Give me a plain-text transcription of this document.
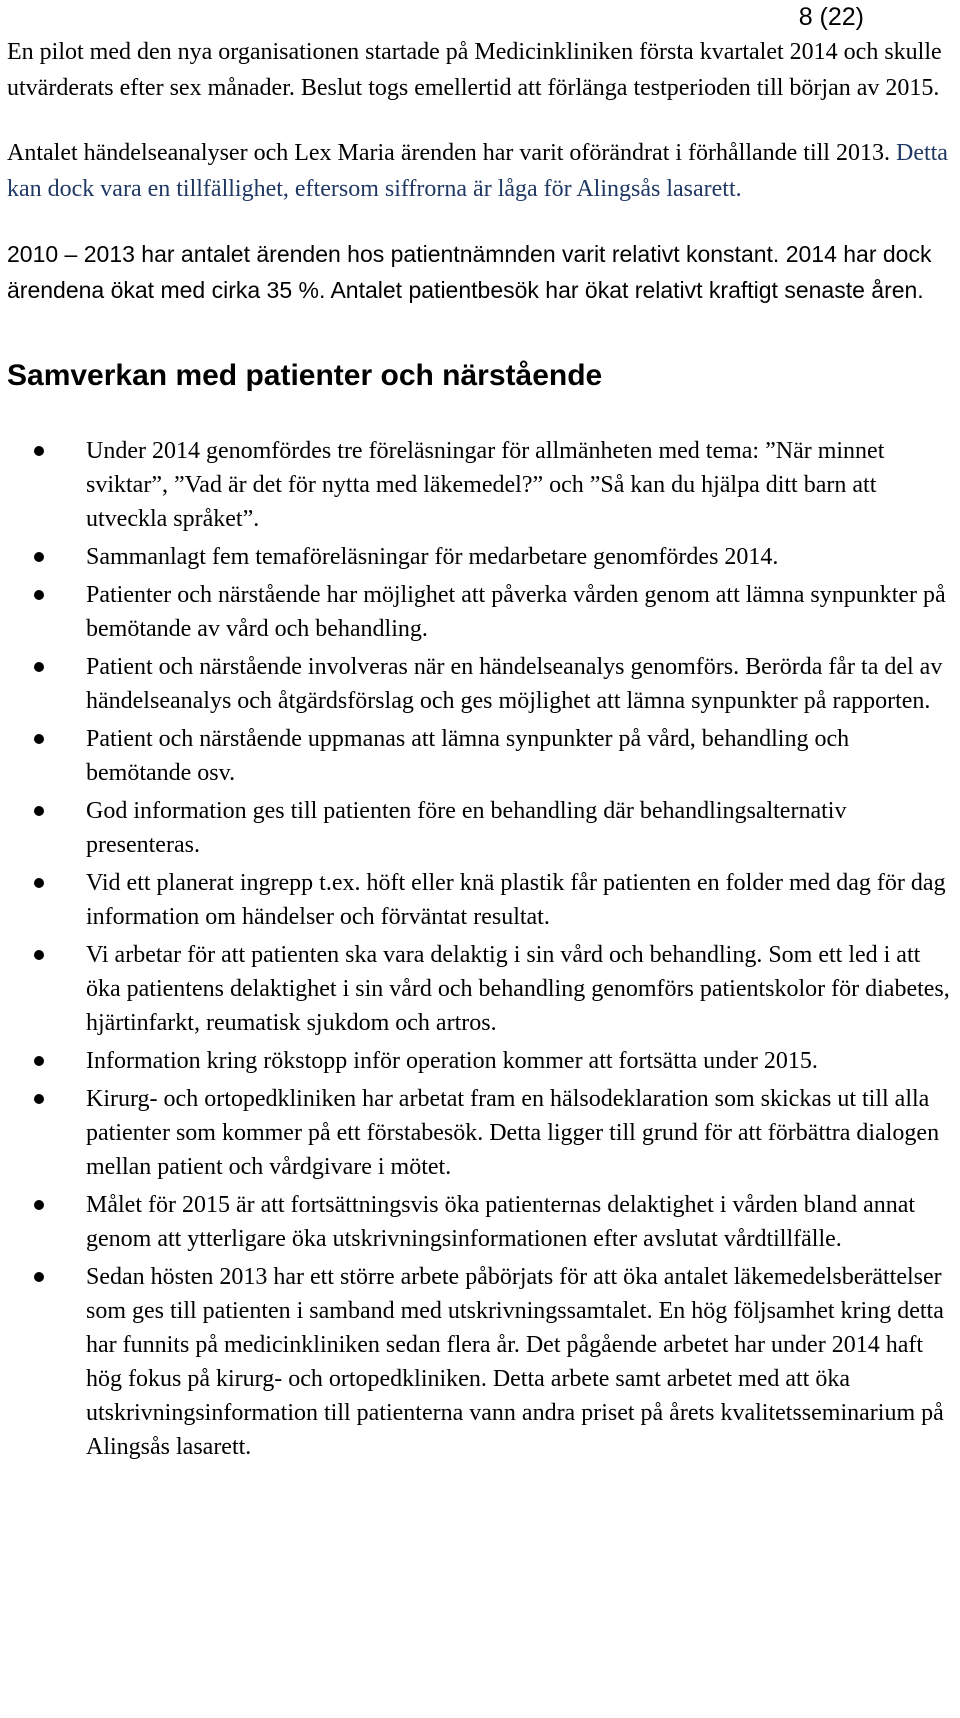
8 (22)

En pilot med den nya organisationen startade på Medicinkliniken första kvartalet 2014 och skulle utvärderats efter sex månader. Beslut togs emellertid att förlänga testperioden till början av 2015.

Antalet händelseanalyser och Lex Maria ärenden har varit oförändrat i förhållande till 2013. Detta kan dock vara en tillfällighet, eftersom siffrorna är låga för Alingsås lasarett.

2010 – 2013 har antalet ärenden hos patientnämnden varit relativt konstant. 2014 har dock ärendena ökat med cirka 35 %. Antalet patientbesök har ökat relativt kraftigt senaste åren.

Samverkan med patienter och närstående
Under 2014 genomfördes tre föreläsningar för allmänheten med tema: ”När minnet sviktar”, ”Vad är det för nytta med läkemedel?” och ”Så kan du hjälpa ditt barn att utveckla språket”.
Sammanlagt fem temaföreläsningar för medarbetare genomfördes 2014.
Patienter och närstående har möjlighet att påverka vården genom att lämna synpunkter på bemötande av vård och behandling.
Patient och närstående involveras när en händelseanalys genomförs. Berörda får ta del av händelseanalys och åtgärdsförslag och ges möjlighet att lämna synpunkter på rapporten.
Patient och närstående uppmanas att lämna synpunkter på vård, behandling och bemötande osv.
God information ges till patienten före en behandling där behandlingsalternativ presenteras.
Vid ett planerat ingrepp t.ex. höft eller knä plastik får patienten en folder med dag för dag information om händelser och förväntat resultat.
Vi arbetar för att patienten ska vara delaktig i sin vård och behandling. Som ett led i att öka patientens delaktighet i sin vård och behandling genomförs patientskolor för diabetes, hjärtinfarkt, reumatisk sjukdom och artros.
Information kring rökstopp inför operation kommer att fortsätta under 2015.
Kirurg- och ortopedkliniken har arbetat fram en hälsodeklaration som skickas ut till alla patienter som kommer på ett förstabesök. Detta ligger till grund för att förbättra dialogen mellan patient och vårdgivare i mötet.
Målet för 2015 är att fortsättningsvis öka patienternas delaktighet i vården bland annat genom att ytterligare öka utskrivningsinformationen efter avslutat vårdtillfälle.
Sedan hösten 2013 har ett större arbete påbörjats för att öka antalet läkemedelsberättelser som ges till patienten i samband med utskrivningssamtalet. En hög följsamhet kring detta har funnits på medicinkliniken sedan flera år. Det pågående arbetet har under 2014 haft hög fokus på kirurg- och ortopedkliniken. Detta arbete samt arbetet med att öka utskrivningsinformation till patienterna vann andra priset på årets kvalitetsseminarium på Alingsås lasarett.
